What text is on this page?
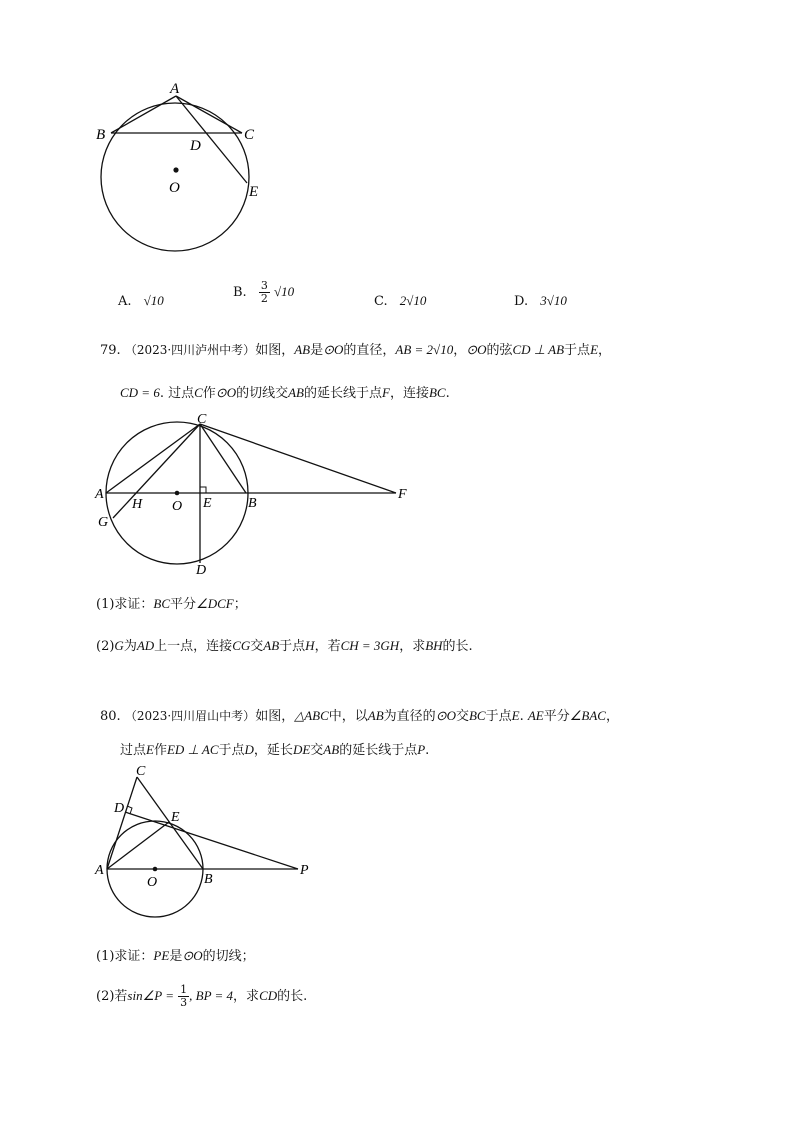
A
B	C
D
E
O
A. √10
B. $\frac{3}{2} √10$
C. 2√10	D. 3√10
79. （2023·四川泸州中考）如图，AB是⊙O的直径，AB = 2√10，⊙O的弦CD ⊥ AB于点E，
CD = 6. 过点C作⊙O的切线交AB的延长线于点F，连接BC.
A
B
C
D
E
F
G
H O
(1)求证：BC平分∠DCF；
(2)G为AD上一点，连接CG交AB于点H，若CH = 3GH，求BH的长.
80. （2023·四川眉山中考）如图，△ABC中，以AB为直径的⊙O交BC于点E. AE平分∠BAC，
过点E作ED ⊥ AC于点D，延长DE交AB的延长线于点P.
A
B
C
D
E
O
P
(1)求证：PE是⊙O的切线；
(2)若sin∠P = $\frac{1}{3}$ , BP = 4，求CD的长.
